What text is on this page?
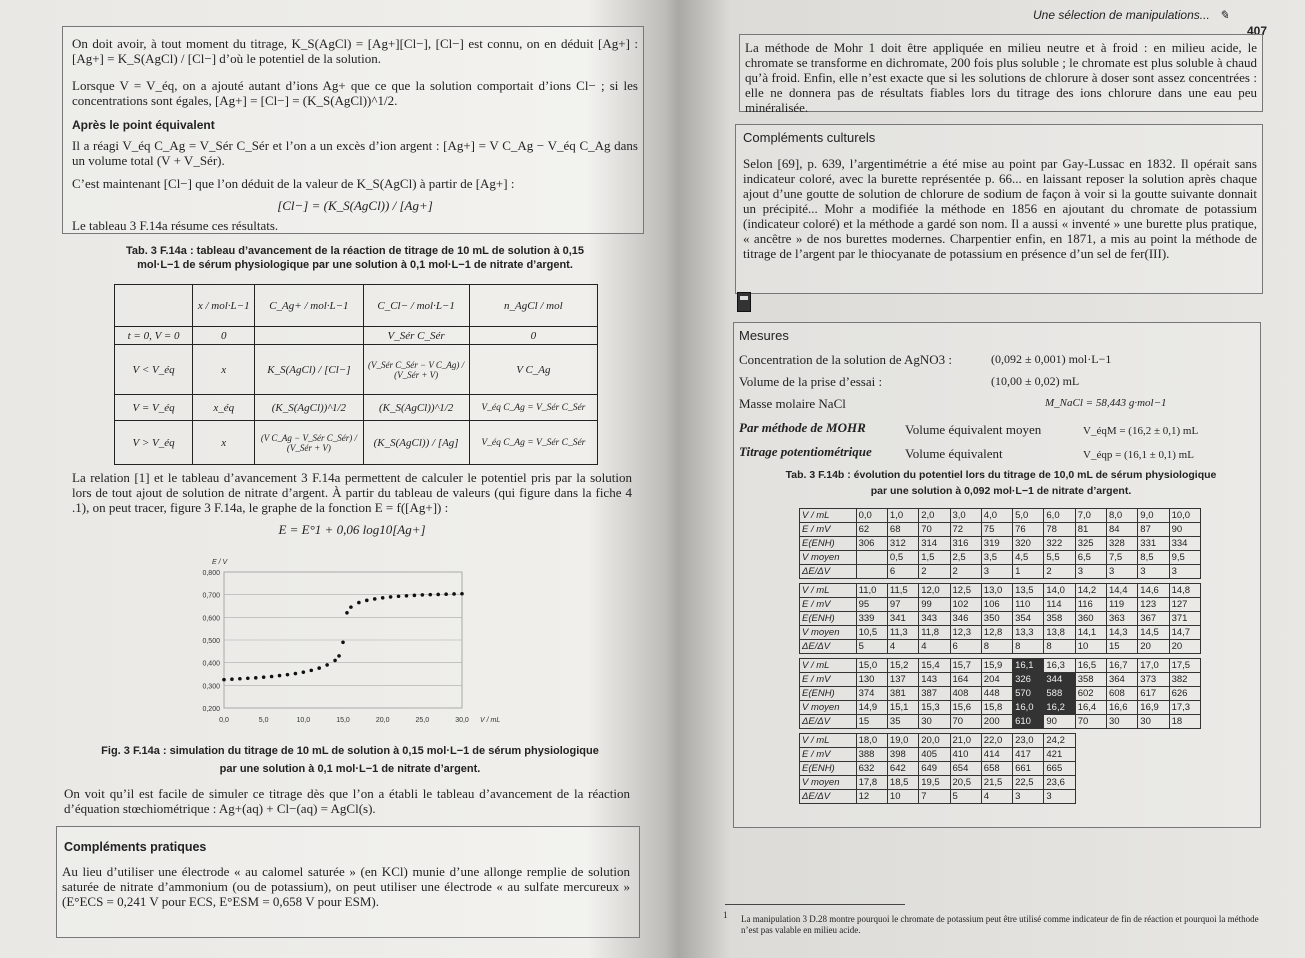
On doit avoir, à tout moment du titrage, K_S(AgCl) = [Ag+][Cl−], [Cl−] est connu, on en déduit [Ag+] : [Ag+] = K_S(AgCl) / [Cl−] d’où le potentiel de la solution.
Lorsque V = V_éq, on a ajouté autant d’ions Ag+ que ce que la solution comportait d’ions Cl− ; si les concentrations sont égales, [Ag+] = [Cl−] = (K_S(AgCl))^1/2.
Après le point équivalent
Il a réagi V_éq C_Ag = V_Sér C_Sér et l’on a un excès d’ion argent : [Ag+] = V C_Ag − V_éq C_Ag dans un volume total (V + V_Sér).
C’est maintenant [Cl−] que l’on déduit de la valeur de K_S(AgCl) à partir de [Ag+] :
[Cl−] = (K_S(AgCl)) / [Ag+]
Le tableau 3 F.14a résume ces résultats.
Tab. 3 F.14a : tableau d’avancement de la réaction de titrage de 10 mL de solution à 0,15 mol·L−1 de sérum physiologique par une solution à 0,1 mol·L−1 de nitrate d’argent.
	x / mol·L−1	C_Ag+ / mol·L−1	C_Cl− / mol·L−1	n_AgCl / mol
t = 0, V = 0	0		V_Sér C_Sér	0
V < V_éq	x	K_S(AgCl) / [Cl−]	(V_Sér C_Sér − V C_Ag) / (V_Sér + V)	V C_Ag
V = V_éq	x_éq	(K_S(AgCl))^1/2	(K_S(AgCl))^1/2	V_éq C_Ag = V_Sér C_Sér
V > V_éq	x	(V C_Ag − V_Sér C_Sér) / (V_Sér + V)	(K_S(AgCl)) / [Ag]	V_éq C_Ag = V_Sér C_Sér
La relation [1] et le tableau d’avancement 3 F.14a permettent de calculer le potentiel pris par la solution lors de tout ajout de solution de nitrate d’argent. À partir du tableau de valeurs (qui figure dans la fiche 4 .1), on peut tracer, figure 3 F.14a, le graphe de la fonction E = f([Ag+]) :
E = E°1 + 0,06 log10[Ag+]
0,200
0,300
0,400
0,500
0,600
0,700
0,800
0,0	5,0	10,0	15,0	20,0	25,0	30,0
E / V
V / mL
Fig. 3 F.14a : simulation du titrage de 10 mL de solution à 0,15 mol·L−1 de sérum physiologique
par une solution à 0,1 mol·L−1 de nitrate d’argent.
On voit qu’il est facile de simuler ce titrage dès que l’on a établi le tableau d’avancement de la réaction d’équation stœchiométrique : Ag+(aq) + Cl−(aq) = AgCl(s).
Compléments pratiques
Au lieu d’utiliser une électrode « au calomel saturée » (en KCl) munie d’une allonge remplie de solution saturée de nitrate d’ammonium (ou de potassium), on peut utiliser une électrode « au sulfate mercureux » (E°ECS = 0,241 V pour ECS, E°ESM = 0,658 V pour ESM).
Une sélection de manipulations... ✎
407
La méthode de Mohr 1 doit être appliquée en milieu neutre et à froid : en milieu acide, le chromate se transforme en dichromate, 200 fois plus soluble ; le chromate est plus soluble à chaud qu’à froid. Enfin, elle n’est exacte que si les solutions de chlorure à doser sont assez concentrées : elle ne donnera pas de résultats fiables lors du titrage des ions chlorure dans une eau peu minéralisée.
Compléments culturels
Selon [69], p. 639, l’argentimétrie a été mise au point par Gay-Lussac en 1832. Il opérait sans indicateur coloré, avec la burette représentée p. 66... en laissant reposer la solution après chaque ajout d’une goutte de solution de chlorure de sodium de façon à voir si la goutte suivante donnait un précipité... Mohr a modifiée la méthode en 1856 en ajoutant du chromate de potassium (indicateur coloré) et la méthode a gardé son nom. Il a aussi « inventé » une burette plus pratique, « ancêtre » de nos burettes modernes. Charpentier enfin, en 1871, a mis au point la méthode de titrage de l’argent par le thiocyanate de potassium en présence d’un sel de fer(III).
Mesures
Concentration de la solution de AgNO3 :	(0,092 ± 0,001) mol·L−1
Volume de la prise d’essai :	(10,00 ± 0,02) mL
Masse molaire NaCl	M_NaCl = 58,443 g·mol−1
Par méthode de MOHR	Volume équivalent moyen	V_éqM = (16,2 ± 0,1) mL
Titrage potentiométrique	Volume équivalent	V_éqp = (16,1 ± 0,1) mL
Tab. 3 F.14b : évolution du potentiel lors du titrage de 10,0 mL de sérum physiologique
par une solution à 0,092 mol·L−1 de nitrate d’argent.
V / mL	0,0	1,0	2,0	3,0	4,0	5,0	6,0	7,0	8,0	9,0	10,0
E / mV	62	68	70	72	75	76	78	81	84	87	90
E(ENH)	306	312	314	316	319	320	322	325	328	331	334
V moyen		0,5	1,5	2,5	3,5	4,5	5,5	6,5	7,5	8,5	9,5
ΔE/ΔV		6	2	2	3	1	2	3	3	3	3

V / mL	11,0	11,5	12,0	12,5	13,0	13,5	14,0	14,2	14,4	14,6	14,8
E / mV	95	97	99	102	106	110	114	116	119	123	127
E(ENH)	339	341	343	346	350	354	358	360	363	367	371
V moyen	10,5	11,3	11,8	12,3	12,8	13,3	13,8	14,1	14,3	14,5	14,7
ΔE/ΔV	5	4	4	6	8	8	8	10	15	20	20

V / mL	15,0	15,2	15,4	15,7	15,9	16,1	16,3	16,5	16,7	17,0	17,5
E / mV	130	137	143	164	204	326	344	358	364	373	382
E(ENH)	374	381	387	408	448	570	588	602	608	617	626
V moyen	14,9	15,1	15,3	15,6	15,8	16,0	16,2	16,4	16,6	16,9	17,3
ΔE/ΔV	15	35	30	70	200	610	90	70	30	30	18

V / mL	18,0	19,0	20,0	21,0	22,0	23,0	24,2				
E / mV	388	398	405	410	414	417	421				
E(ENH)	632	642	649	654	658	661	665				
V moyen	17,8	18,5	19,5	20,5	21,5	22,5	23,6				
ΔE/ΔV	12	10	7	5	4	3	3				
1 La manipulation 3 D.28 montre pourquoi le chromate de potassium peut être utilisé comme indicateur de fin de réaction et pourquoi la méthode n’est pas valable en milieu acide.
